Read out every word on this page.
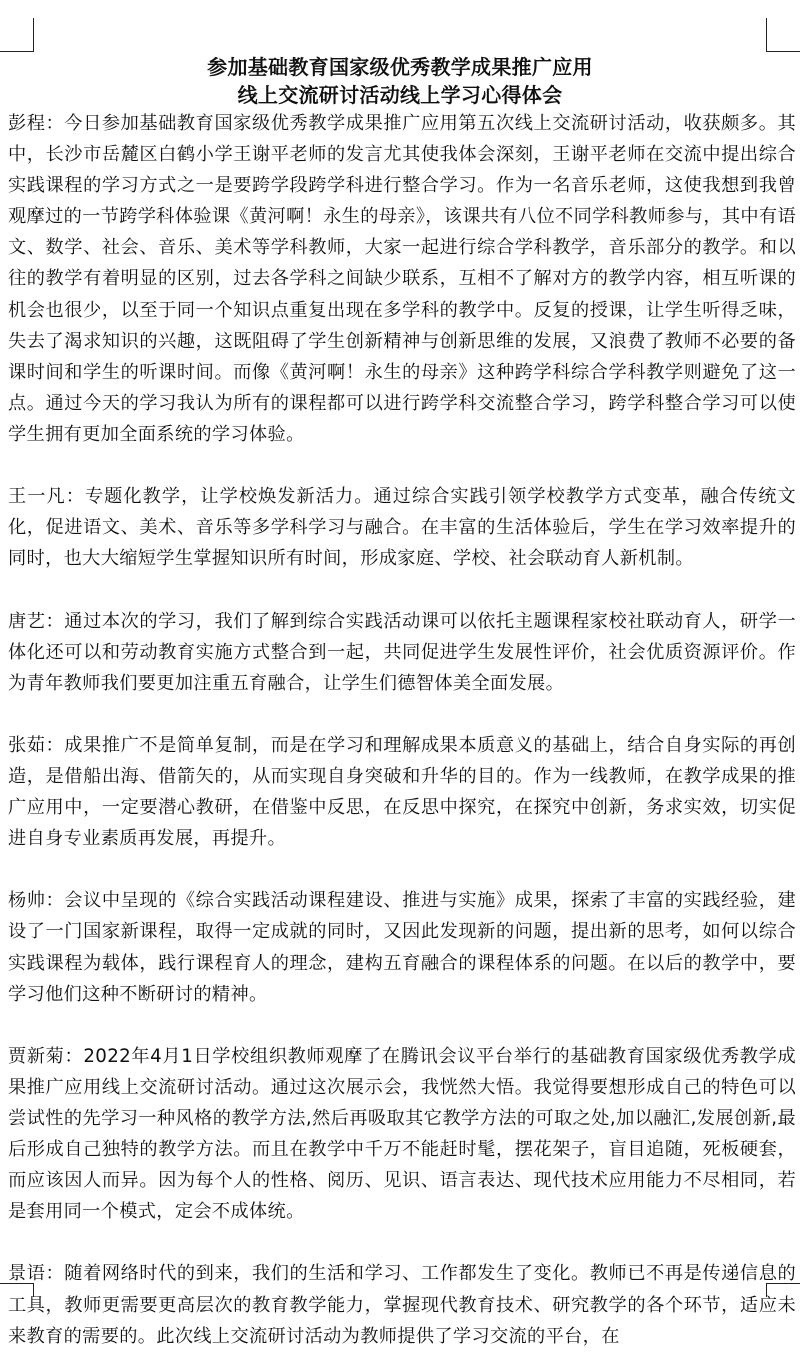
参加基础教育国家级优秀教学成果推广应用
线上交流研讨活动线上学习心得体会

彭程：今日参加基础教育国家级优秀教学成果推广应用第五次线上交流研讨活动，收获颇多。其中，长沙市岳麓区白鹤小学王谢平老师的发言尤其使我体会深刻，王谢平老师在交流中提出综合实践课程的学习方式之一是要跨学段跨学科进行整合学习。作为一名音乐老师，这使我想到我曾观摩过的一节跨学科体验课《黄河啊！永生的母亲》，该课共有八位不同学科教师参与，其中有语文、数学、社会、音乐、美术等学科教师，大家一起进行综合学科教学，音乐部分的教学。和以往的教学有着明显的区别，过去各学科之间缺少联系，互相不了解对方的教学内容，相互听课的机会也很少，以至于同一个知识点重复出现在多学科的教学中。反复的授课，让学生听得乏味，失去了渴求知识的兴趣，这既阻碍了学生创新精神与创新思维的发展，又浪费了教师不必要的备课时间和学生的听课时间。而像《黄河啊！永生的母亲》这种跨学科综合学科教学则避免了这一点。通过今天的学习我认为所有的课程都可以进行跨学科交流整合学习，跨学科整合学习可以使学生拥有更加全面系统的学习体验。

王一凡：专题化教学，让学校焕发新活力。通过综合实践引领学校教学方式变革，融合传统文化，促进语文、美术、音乐等多学科学习与融合。在丰富的生活体验后，学生在学习效率提升的同时，也大大缩短学生掌握知识所有时间，形成家庭、学校、社会联动育人新机制。

唐艺：通过本次的学习，我们了解到综合实践活动课可以依托主题课程家校社联动育人，研学一体化还可以和劳动教育实施方式整合到一起，共同促进学生发展性评价，社会优质资源评价。作为青年教师我们要更加注重五育融合，让学生们德智体美全面发展。

张茹：成果推广不是简单复制，而是在学习和理解成果本质意义的基础上，结合自身实际的再创造，是借船出海、借箭矢的，从而实现自身突破和升华的目的。作为一线教师，在教学成果的推广应用中，一定要潜心教研，在借鉴中反思，在反思中探究，在探究中创新，务求实效，切实促进自身专业素质再发展，再提升。

杨帅：会议中呈现的《综合实践活动课程建设、推进与实施》成果，探索了丰富的实践经验，建设了一门国家新课程，取得一定成就的同时，又因此发现新的问题，提出新的思考，如何以综合实践课程为载体，践行课程育人的理念，建构五育融合的课程体系的问题。在以后的教学中，要学习他们这种不断研讨的精神。

贾新菊：2022年4月1日学校组织教师观摩了在腾讯会议平台举行的基础教育国家级优秀教学成果推广应用线上交流研讨活动。通过这次展示会，我恍然大悟。我觉得要想形成自己的特色可以尝试性的先学习一种风格的教学方法,然后再吸取其它教学方法的可取之处,加以融汇,发展创新,最后形成自己独特的教学方法。而且在教学中千万不能赶时髦，摆花架子，盲目追随，死板硬套，而应该因人而异。因为每个人的性格、阅历、见识、语言表达、现代技术应用能力不尽相同，若是套用同一个模式，定会不成体统。

景语：随着网络时代的到来，我们的生活和学习、工作都发生了变化。教师已不再是传递信息的工具，教师更需要更高层次的教育教学能力，掌握现代教育技术、研究教学的各个环节，适应未来教育的需要的。此次线上交流研讨活动为教师提供了学习交流的平台，在
